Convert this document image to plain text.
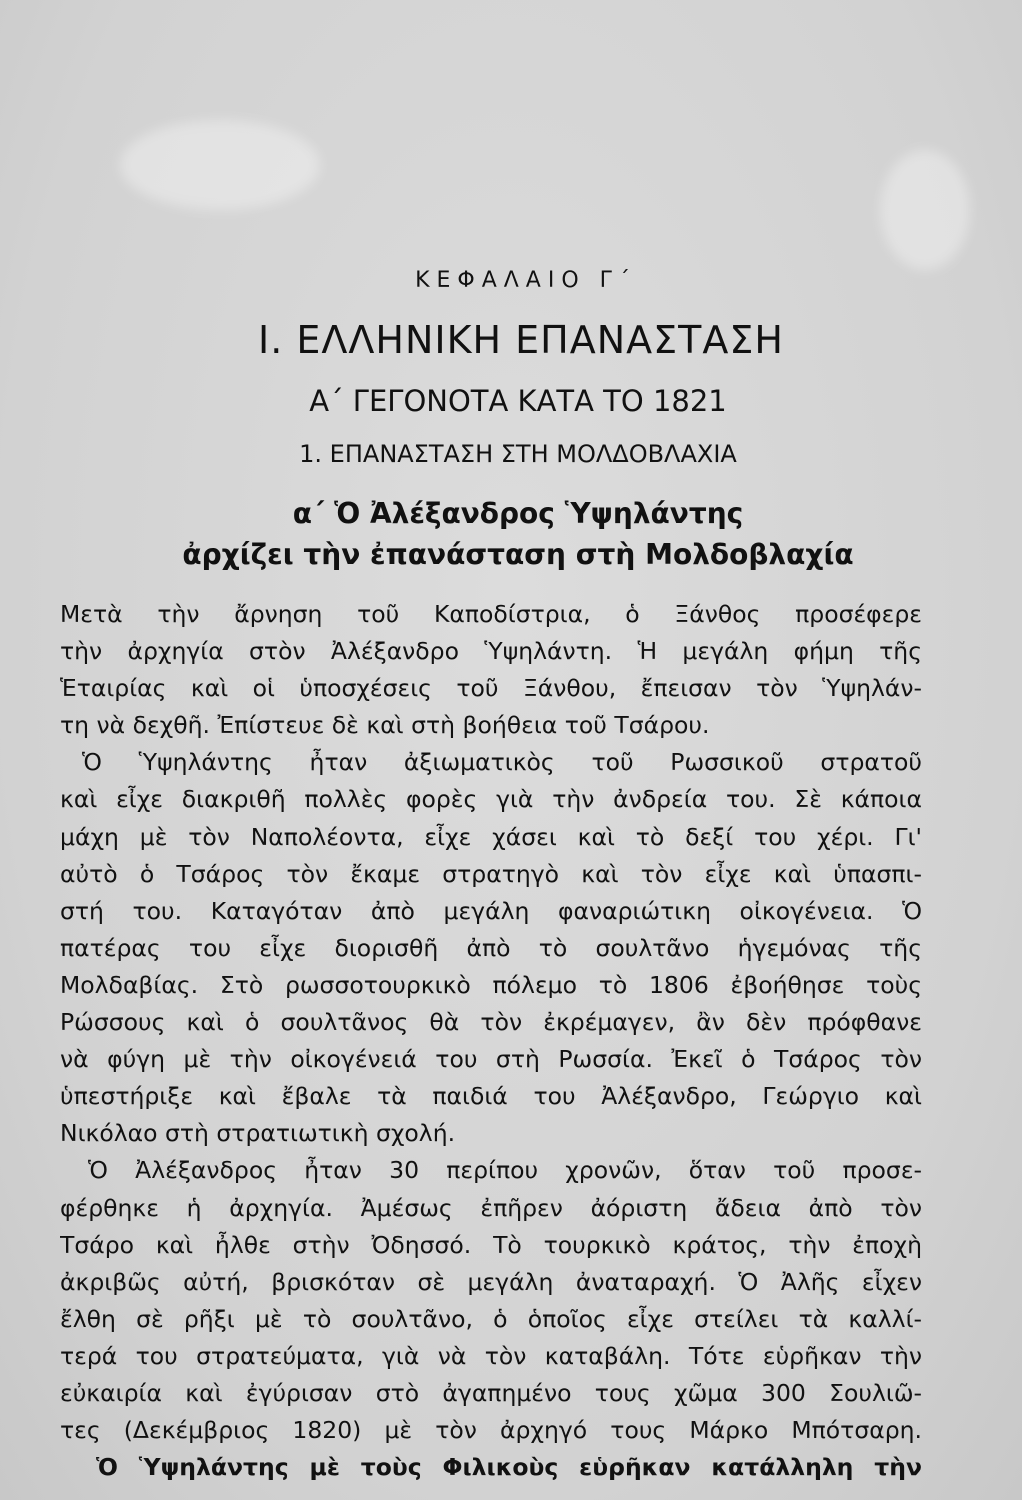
ΚΕΦΑΛΑΙΟ Γ΄
Ι. ΕΛΛΗΝΙΚΗ ΕΠΑΝΑΣΤΑΣΗ
Α΄ ΓΕΓΟΝΟΤΑ ΚΑΤΑ ΤΟ 1821
1. ΕΠΑΝΑΣΤΑΣΗ ΣΤΗ ΜΟΛΔΟΒΛΑΧΙΑ
α΄ Ὁ Ἀλέξανδρος Ὑψηλάντης
ἀρχίζει τὴν ἐπανάσταση στὴ Μολδοβλαχία
Μετὰ τὴν ἄρνηση τοῦ Καποδίστρια, ὁ Ξάνθος προσέφερε
τὴν ἀρχηγία στὸν Ἀλέξανδρο Ὑψηλάντη. Ἡ μεγάλη φήμη τῆς
Ἑταιρίας καὶ οἱ ὑποσχέσεις τοῦ Ξάνθου, ἔπεισαν τὸν Ὑψηλάν-
τη νὰ δεχθῆ. Ἐπίστευε δὲ καὶ στὴ βοήθεια τοῦ Τσάρου.
Ὁ Ὑψηλάντης ἦταν ἀξιωματικὸς τοῦ Ρωσσικοῦ στρατοῦ
καὶ εἶχε διακριθῆ πολλὲς φορὲς γιὰ τὴν ἀνδρεία του. Σὲ κάποια
μάχη μὲ τὸν Ναπολέοντα, εἶχε χάσει καὶ τὸ δεξί του χέρι. Γι'
αὐτὸ ὁ Τσάρος τὸν ἔκαμε στρατηγὸ καὶ τὸν εἶχε καὶ ὑπασπι-
στή του. Καταγόταν ἀπὸ μεγάλη φαναριώτικη οἰκογένεια. Ὁ
πατέρας του εἶχε διορισθῆ ἀπὸ τὸ σουλτᾶνο ἡγεμόνας τῆς
Μολδαβίας. Στὸ ρωσσοτουρκικὸ πόλεμο τὸ 1806 ἐβοήθησε τοὺς
Ρώσσους καὶ ὁ σουλτᾶνος θὰ τὸν ἐκρέμαγεν, ἂν δὲν πρόφθανε
νὰ φύγη μὲ τὴν οἰκογένειά του στὴ Ρωσσία. Ἐκεῖ ὁ Τσάρος τὸν
ὑπεστήριξε καὶ ἔβαλε τὰ παιδιά του Ἀλέξανδρο, Γεώργιο καὶ
Νικόλαο στὴ στρατιωτικὴ σχολή.
Ὁ Ἀλέξανδρος ἦταν 30 περίπου χρονῶν, ὅταν τοῦ προσε-
φέρθηκε ἡ ἀρχηγία. Ἀμέσως ἐπῆρεν ἀόριστη ἄδεια ἀπὸ τὸν
Τσάρο καὶ ἦλθε στὴν Ὀδησσό. Τὸ τουρκικὸ κράτος, τὴν ἐποχὴ
ἀκριβῶς αὐτή, βρισκόταν σὲ μεγάλη ἀναταραχή. Ὁ Ἀλῆς εἶχεν
ἔλθη σὲ ρῆξι μὲ τὸ σουλτᾶνο, ὁ ὁποῖος εἶχε στείλει τὰ καλλί-
τερά του στρατεύματα, γιὰ νὰ τὸν καταβάλη. Τότε εὑρῆκαν τὴν
εὐκαιρία καὶ ἐγύρισαν στὸ ἀγαπημένο τους χῶμα 300 Σουλιῶ-
τες (Δεκέμβριος 1820) μὲ τὸν ἀρχηγό τους Μάρκο Μπότσαρη.
Ὁ Ὑψηλάντης μὲ τοὺς Φιλικοὺς εὑρῆκαν κατάλληλη τὴν
